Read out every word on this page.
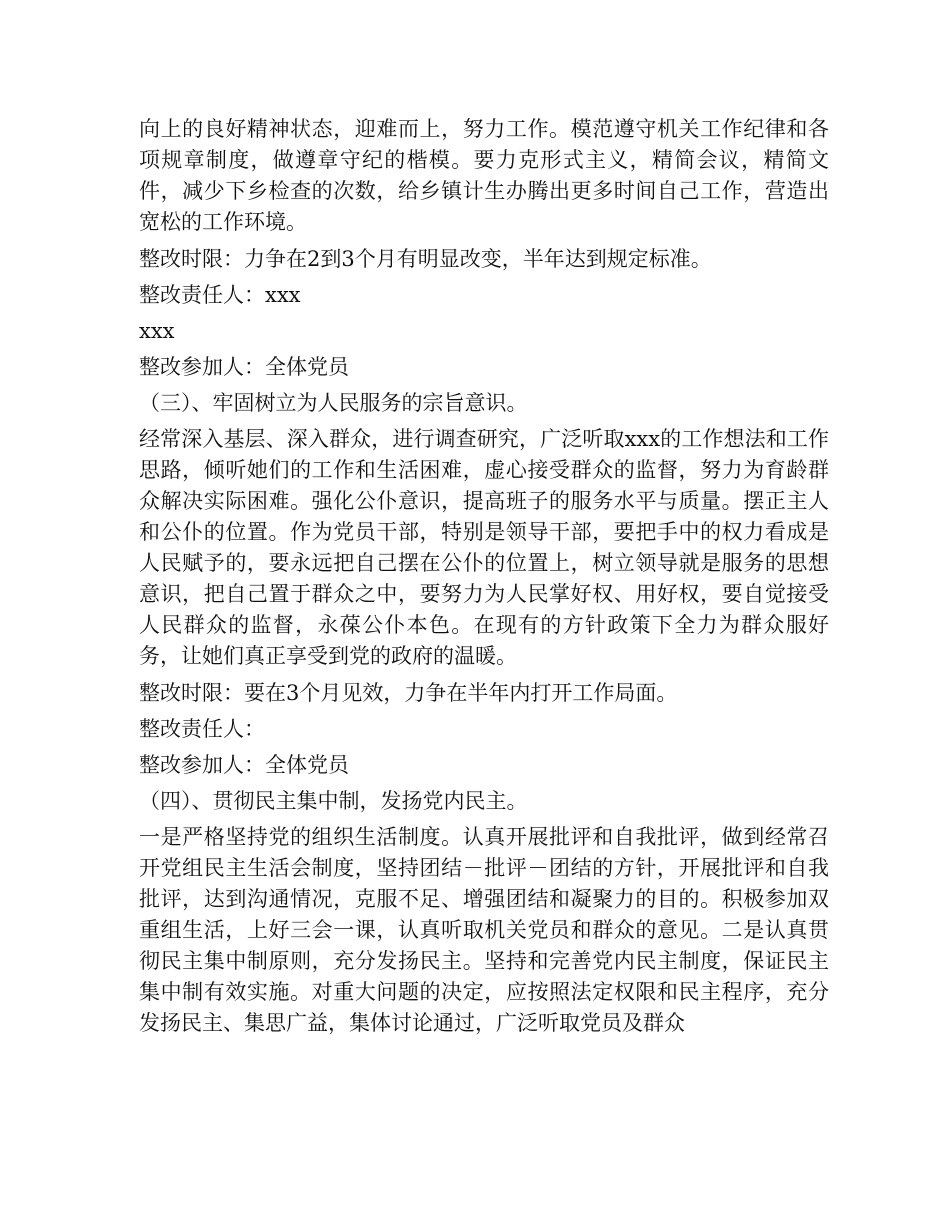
向上的良好精神状态，迎难而上，努力工作。模范遵守机关工作纪律和各项规章制度，做遵章守纪的楷模。要力克形式主义，精简会议，精简文件，减少下乡检查的次数，给乡镇计生办腾出更多时间自己工作，营造出宽松的工作环境。

整改时限：力争在2到3个月有明显改变，半年达到规定标准。

整改责任人：xxx

xxx

整改参加人：全体党员

（三）、牢固树立为人民服务的宗旨意识。

经常深入基层、深入群众，进行调查研究，广泛听取xxx的工作想法和工作思路，倾听她们的工作和生活困难，虚心接受群众的监督，努力为育龄群众解决实际困难。强化公仆意识，提高班子的服务水平与质量。摆正主人和公仆的位置。作为党员干部，特别是领导干部，要把手中的权力看成是人民赋予的，要永远把自己摆在公仆的位置上，树立领导就是服务的思想意识，把自己置于群众之中，要努力为人民掌好权、用好权，要自觉接受人民群众的监督，永葆公仆本色。在现有的方针政策下全力为群众服好务，让她们真正享受到党的政府的温暖。

整改时限：要在3个月见效，力争在半年内打开工作局面。

整改责任人：

整改参加人：全体党员

（四）、贯彻民主集中制，发扬党内民主。

一是严格坚持党的组织生活制度。认真开展批评和自我批评，做到经常召开党组民主生活会制度，坚持团结－批评－团结的方针，开展批评和自我批评，达到沟通情况，克服不足、增强团结和凝聚力的目的。积极参加双重组生活，上好三会一课，认真听取机关党员和群众的意见。二是认真贯彻民主集中制原则，充分发扬民主。坚持和完善党内民主制度，保证民主集中制有效实施。对重大问题的决定，应按照法定权限和民主程序，充分发扬民主、集思广益，集体讨论通过，广泛听取党员及群众
